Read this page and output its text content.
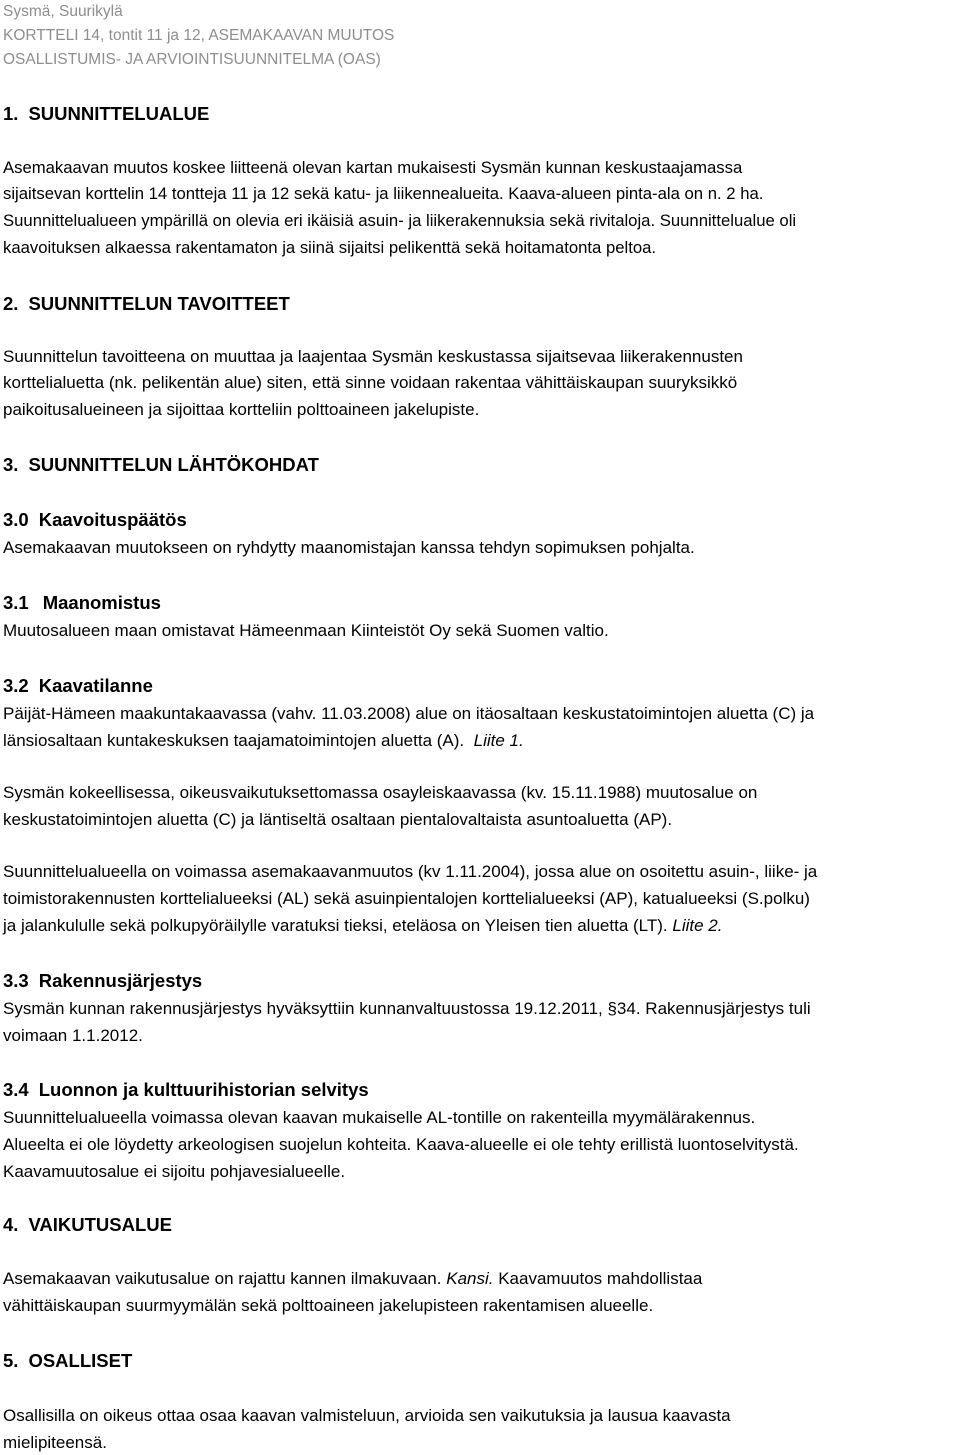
Sysmä, Suurikylä
KORTTELI 14, tontit 11 ja 12, ASEMAKAAVAN MUUTOS
OSALLISTUMIS- JA ARVIOINTISUUNNITELMA (OAS)
1. SUUNNITTELUALUE
Asemakaavan muutos koskee liitteenä olevan kartan mukaisesti Sysmän kunnan keskustaajamassa
sijaitsevan korttelin 14 tontteja 11 ja 12 sekä katu- ja liikennealueita. Kaava-alueen pinta-ala on n. 2 ha.
Suunnittelualueen ympärillä on olevia eri ikäisiä asuin- ja liikerakennuksia sekä rivitaloja. Suunnittelualue oli
kaavoituksen alkaessa rakentamaton ja siinä sijaitsi pelikenttä sekä hoitamatonta peltoa.
2. SUUNNITTELUN TAVOITTEET
Suunnittelun tavoitteena on muuttaa ja laajentaa Sysmän keskustassa sijaitsevaa liikerakennusten
korttelialuetta (nk. pelikentän alue) siten, että sinne voidaan rakentaa vähittäiskaupan suuryksikkö
paikoitusalueineen ja sijoittaa kortteliin polttoaineen jakelupiste.
3. SUUNNITTELUN LÄHTÖKOHDAT
3.0 Kaavoituspäätös
Asemakaavan muutokseen on ryhdytty maanomistajan kanssa tehdyn sopimuksen pohjalta.
3.1 Maanomistus
Muutosalueen maan omistavat Hämeenmaan Kiinteistöt Oy sekä Suomen valtio.
3.2 Kaavatilanne
Päijät-Hämeen maakuntakaavassa (vahv. 11.03.2008) alue on itäosaltaan keskustatoimintojen aluetta (C) ja
länsiosaltaan kuntakeskuksen taajamatoimintojen aluetta (A). Liite 1.
Sysmän kokeellisessa, oikeusvaikutuksettomassa osayleiskaavassa (kv. 15.11.1988) muutosalue on
keskustatoimintojen aluetta (C) ja läntiseltä osaltaan pientalovaltaista asuntoaluetta (AP).
Suunnittelualueella on voimassa asemakaavanmuutos (kv 1.11.2004), jossa alue on osoitettu asuin-, liike- ja
toimistorakennusten korttelialueeksi (AL) sekä asuinpientalojen korttelialueeksi (AP), katualueeksi (S.polku)
ja jalankululle sekä polkupyöräilylle varatuksi tieksi, eteläosa on Yleisen tien aluetta (LT). Liite 2.
3.3 Rakennusjärjestys
Sysmän kunnan rakennusjärjestys hyväksyttiin kunnanvaltuustossa 19.12.2011, §34. Rakennusjärjestys tuli
voimaan 1.1.2012.
3.4 Luonnon ja kulttuurihistorian selvitys
Suunnittelualueella voimassa olevan kaavan mukaiselle AL-tontille on rakenteilla myymälärakennus.
Alueelta ei ole löydetty arkeologisen suojelun kohteita. Kaava-alueelle ei ole tehty erillistä luontoselvitystä.
Kaavamuutosalue ei sijoitu pohjavesialueelle.
4. VAIKUTUSALUE
Asemakaavan vaikutusalue on rajattu kannen ilmakuvaan. Kansi. Kaavamuutos mahdollistaa
vähittäiskaupan suurmyymälän sekä polttoaineen jakelupisteen rakentamisen alueelle.
5. OSALLISET
Osallisilla on oikeus ottaa osaa kaavan valmisteluun, arvioida sen vaikutuksia ja lausua kaavasta
mielipiteensä.
